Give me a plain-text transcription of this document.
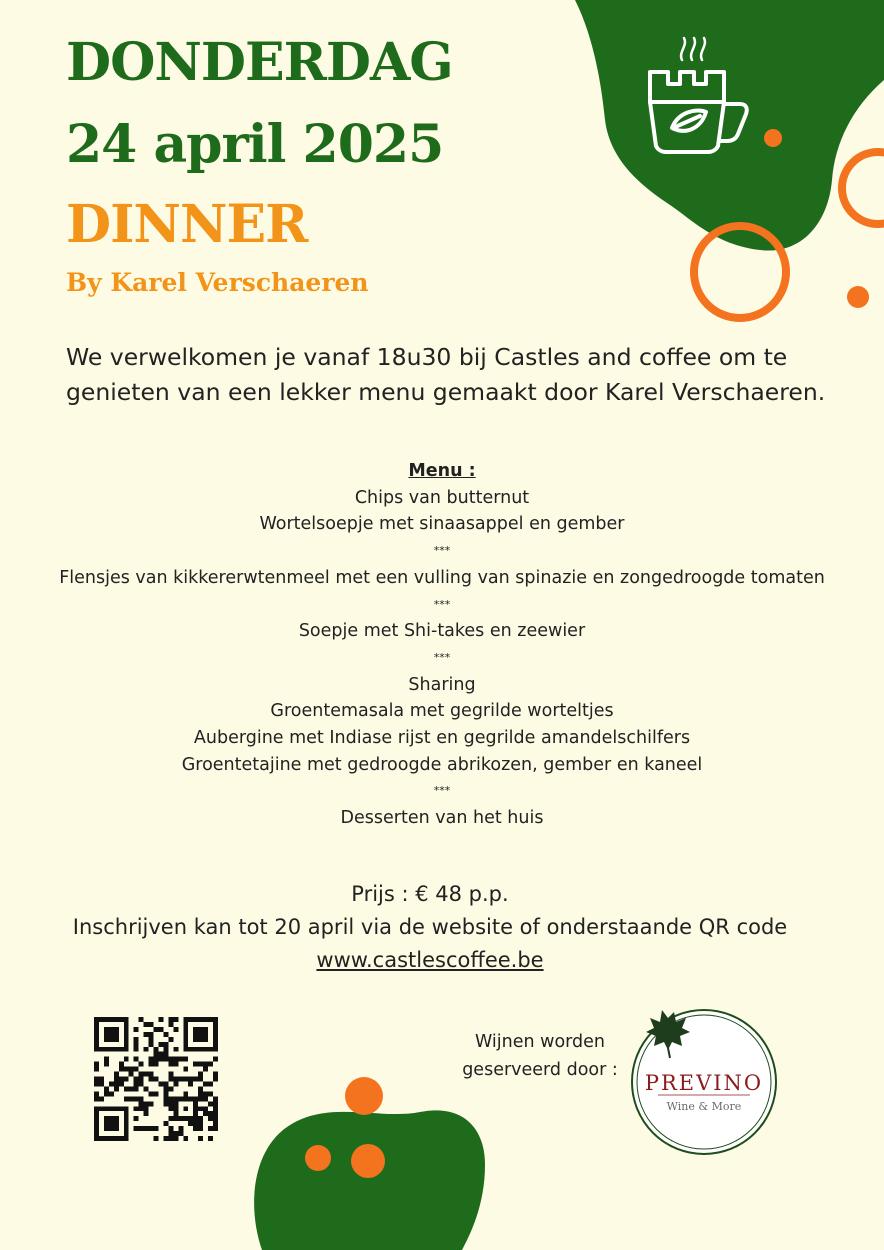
DONDERDAG
24 april 2025
DINNER
By Karel Verschaeren

We verwelkomen je vanaf 18u30 bij Castles and coffee om te genieten van een lekker menu gemaakt door Karel Verschaeren.

Menu :
Chips van butternut
Wortelsoepje met sinaasappel en gember
***
Flensjes van kikkererwtenmeel met een vulling van spinazie en zongedroogde tomaten
***
Soepje met Shi-takes en zeewier
***
Sharing
Groentemasala met gegrilde worteltjes
Aubergine met Indiase rijst en gegrilde amandelschilfers
Groentetajine met gedroogde abrikozen, gember en kaneel
***
Desserten van het huis
Prijs : € 48 p.p.
Inschrijven kan tot 20 april via de website of onderstaande QR code
www.castlescoffee.be
Wijnen worden
geserveerd door :
PREVINO
Wine & More
